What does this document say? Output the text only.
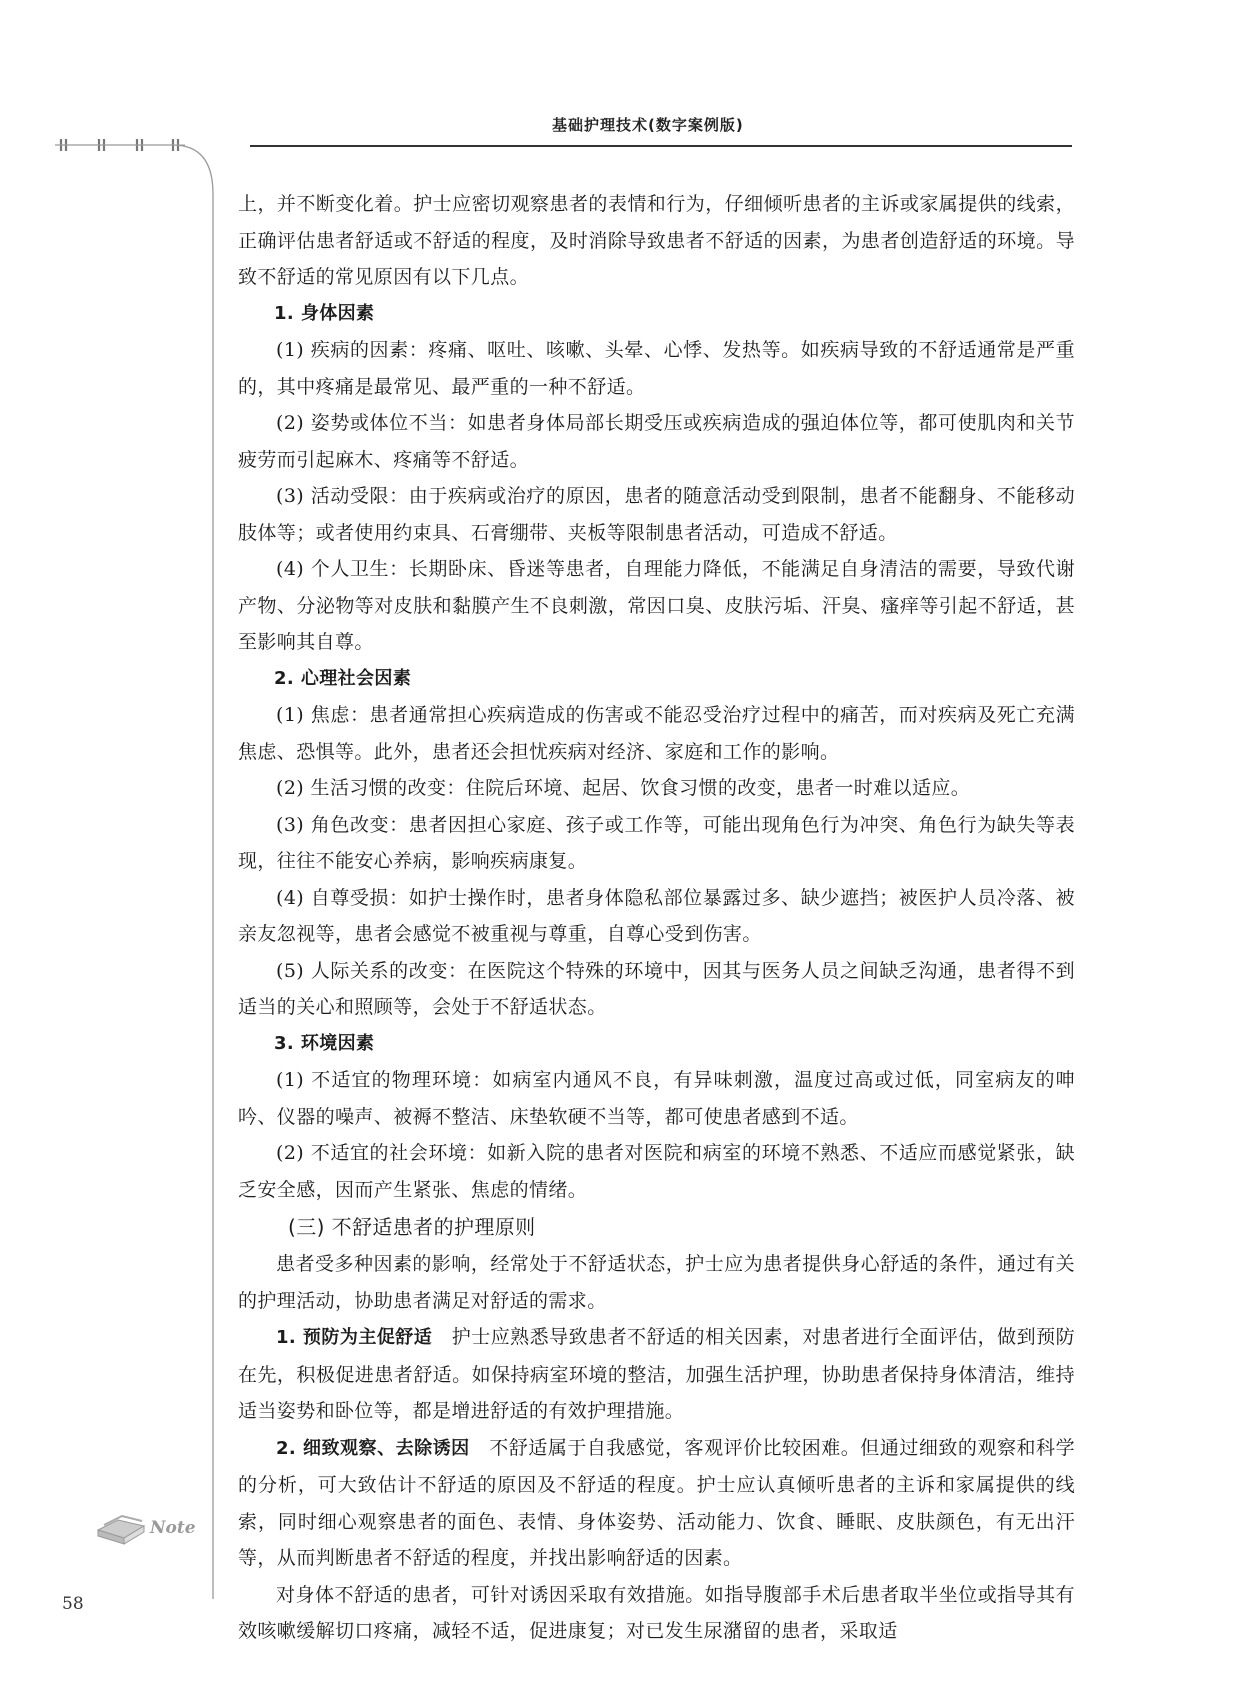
基础护理技术(数字案例版)
Note
58

上，并不断变化着。护士应密切观察患者的表情和行为，仔细倾听患者的主诉或家属提供的线索，正确评估患者舒适或不舒适的程度，及时消除导致患者不舒适的因素，为患者创造舒适的环境。导致不舒适的常见原因有以下几点。

1. 身体因素

(1) 疾病的因素：疼痛、呕吐、咳嗽、头晕、心悸、发热等。如疾病导致的不舒适通常是严重的，其中疼痛是最常见、最严重的一种不舒适。

(2) 姿势或体位不当：如患者身体局部长期受压或疾病造成的强迫体位等，都可使肌肉和关节疲劳而引起麻木、疼痛等不舒适。

(3) 活动受限：由于疾病或治疗的原因，患者的随意活动受到限制，患者不能翻身、不能移动肢体等；或者使用约束具、石膏绷带、夹板等限制患者活动，可造成不舒适。

(4) 个人卫生：长期卧床、昏迷等患者，自理能力降低，不能满足自身清洁的需要，导致代谢产物、分泌物等对皮肤和黏膜产生不良刺激，常因口臭、皮肤污垢、汗臭、瘙痒等引起不舒适，甚至影响其自尊。

2. 心理社会因素

(1) 焦虑：患者通常担心疾病造成的伤害或不能忍受治疗过程中的痛苦，而对疾病及死亡充满焦虑、恐惧等。此外，患者还会担忧疾病对经济、家庭和工作的影响。

(2) 生活习惯的改变：住院后环境、起居、饮食习惯的改变，患者一时难以适应。

(3) 角色改变：患者因担心家庭、孩子或工作等，可能出现角色行为冲突、角色行为缺失等表现，往往不能安心养病，影响疾病康复。

(4) 自尊受损：如护士操作时，患者身体隐私部位暴露过多、缺少遮挡；被医护人员冷落、被亲友忽视等，患者会感觉不被重视与尊重，自尊心受到伤害。

(5) 人际关系的改变：在医院这个特殊的环境中，因其与医务人员之间缺乏沟通，患者得不到适当的关心和照顾等，会处于不舒适状态。

3. 环境因素

(1) 不适宜的物理环境：如病室内通风不良，有异味刺激，温度过高或过低，同室病友的呻吟、仪器的噪声、被褥不整洁、床垫软硬不当等，都可使患者感到不适。

(2) 不适宜的社会环境：如新入院的患者对医院和病室的环境不熟悉、不适应而感觉紧张，缺乏安全感，因而产生紧张、焦虑的情绪。

(三) 不舒适患者的护理原则

患者受多种因素的影响，经常处于不舒适状态，护士应为患者提供身心舒适的条件，通过有关的护理活动，协助患者满足对舒适的需求。

1. 预防为主促舒适　 护士应熟悉导致患者不舒适的相关因素，对患者进行全面评估，做到预防在先，积极促进患者舒适。如保持病室环境的整洁，加强生活护理，协助患者保持身体清洁，维持适当姿势和卧位等，都是增进舒适的有效护理措施。

2. 细致观察、去除诱因　 不舒适属于自我感觉，客观评价比较困难。但通过细致的观察和科学的分析，可大致估计不舒适的原因及不舒适的程度。护士应认真倾听患者的主诉和家属提供的线索，同时细心观察患者的面色、表情、身体姿势、活动能力、饮食、睡眠、皮肤颜色，有无出汗等，从而判断患者不舒适的程度，并找出影响舒适的因素。

对身体不舒适的患者，可针对诱因采取有效措施。如指导腹部手术后患者取半坐位或指导其有效咳嗽缓解切口疼痛，减轻不适，促进康复；对已发生尿潴留的患者，采取适
